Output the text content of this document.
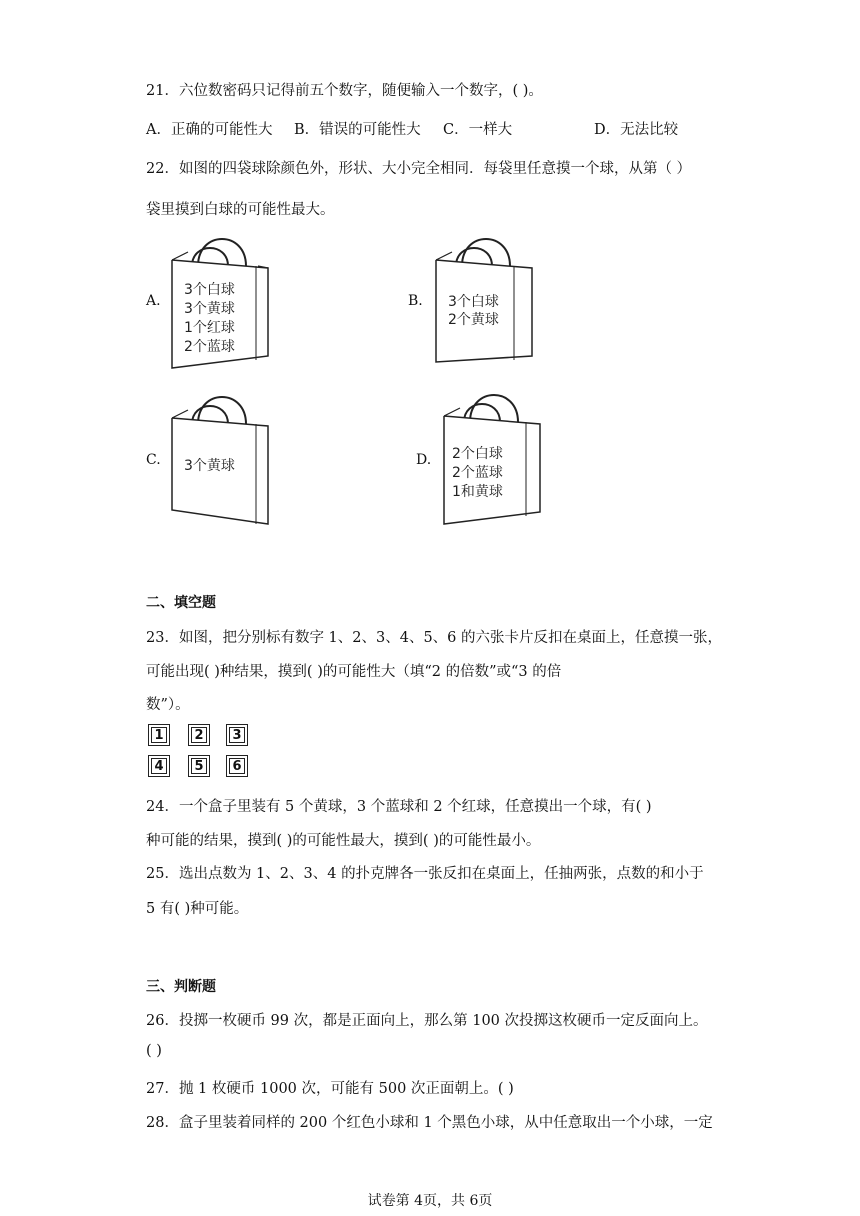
21．六位数密码只记得前五个数字，随便输入一个数字，( )。
A．正确的可能性大 B．错误的可能性大 C．一样大	D．无法比较
22．如图的四袋球除颜色外，形状、大小完全相同．每袋里任意摸一个球，从第（ ）
袋里摸到白球的可能性最大。
A.
3个白球
3个黄球
1个红球
2个蓝球
B. 3个白球
2个黄球
C. 3个黄球	D. 2个白球
2个蓝球
1和黄球
二、填空题
23．如图，把分别标有数字 1、2、3、4、5、6 的六张卡片反扣在桌面上，任意摸一张，
可能出现( )种结果，摸到( )的可能性大（填“2 的倍数”或“3 的倍
数”）。
1	2	3
4	5	6
24．一个盒子里装有 5 个黄球，3 个蓝球和 2 个红球，任意摸出一个球，有( )
种可能的结果，摸到( )的可能性最大，摸到( )的可能性最小。
25．选出点数为 1、2、3、4 的扑克牌各一张反扣在桌面上，任抽两张，点数的和小于
5 有( )种可能。
三、判断题
26．投掷一枚硬币 99 次，都是正面向上，那么第 100 次投掷这枚硬币一定反面向上。
( )
27．抛 1 枚硬币 1000 次，可能有 500 次正面朝上。( )
28．盒子里装着同样的 200 个红色小球和 1 个黑色小球，从中任意取出一个小球，一定
试卷第 4页，共 6页
